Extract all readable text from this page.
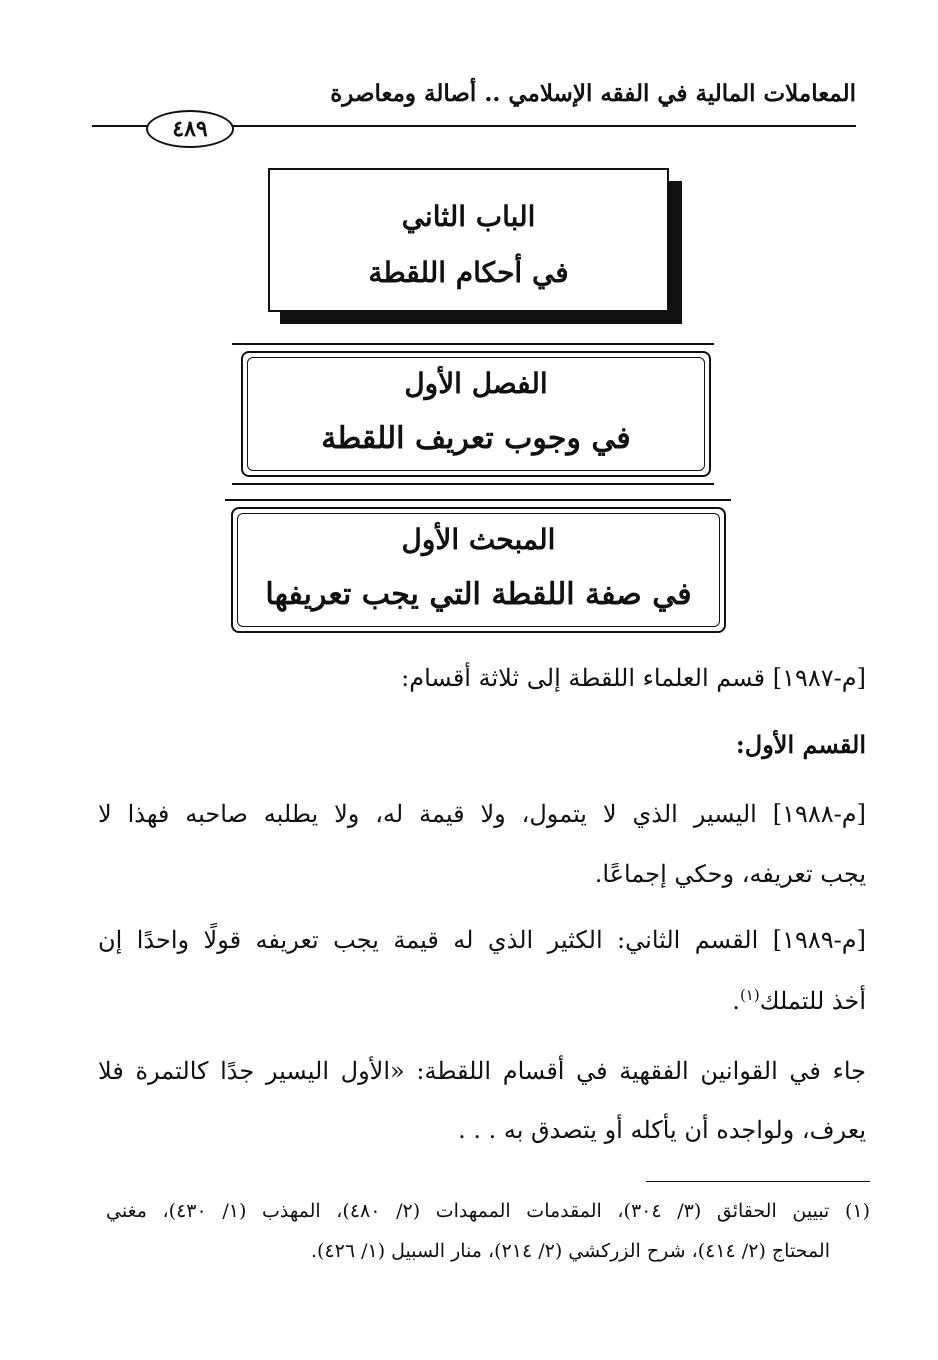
المعاملات المالية في الفقه الإسلامي .. أصالة ومعاصرة
٤٨٩
الباب الثاني
في أحكام اللقطة
الفصل الأول
في وجوب تعريف اللقطة
المبحث الأول
في صفة اللقطة التي يجب تعريفها
[م-١٩٨٧] قسم العلماء اللقطة إلى ثلاثة أقسام:
القسم الأول:
[م-١٩٨٨] اليسير الذي لا يتمول، ولا قيمة له، ولا يطلبه صاحبه فهذا لا
يجب تعريفه، وحكي إجماعًا.
[م-١٩٨٩] القسم الثاني: الكثير الذي له قيمة يجب تعريفه قولًا واحدًا إن
أخذ للتملك$^{(١)}$.
جاء في القوانين الفقهية في أقسام اللقطة: «الأول اليسير جدًا كالتمرة فلا
يعرف، ولواجده أن يأكله أو يتصدق به . . .
(١) تبيين الحقائق (٣/ ٣٠٤)، المقدمات الممهدات (٢/ ٤٨٠)، المهذب (١/ ٤٣٠)، مغني
المحتاج (٢/ ٤١٤)، شرح الزركشي (٢/ ٢١٤)، منار السبيل (١/ ٤٢٦).
